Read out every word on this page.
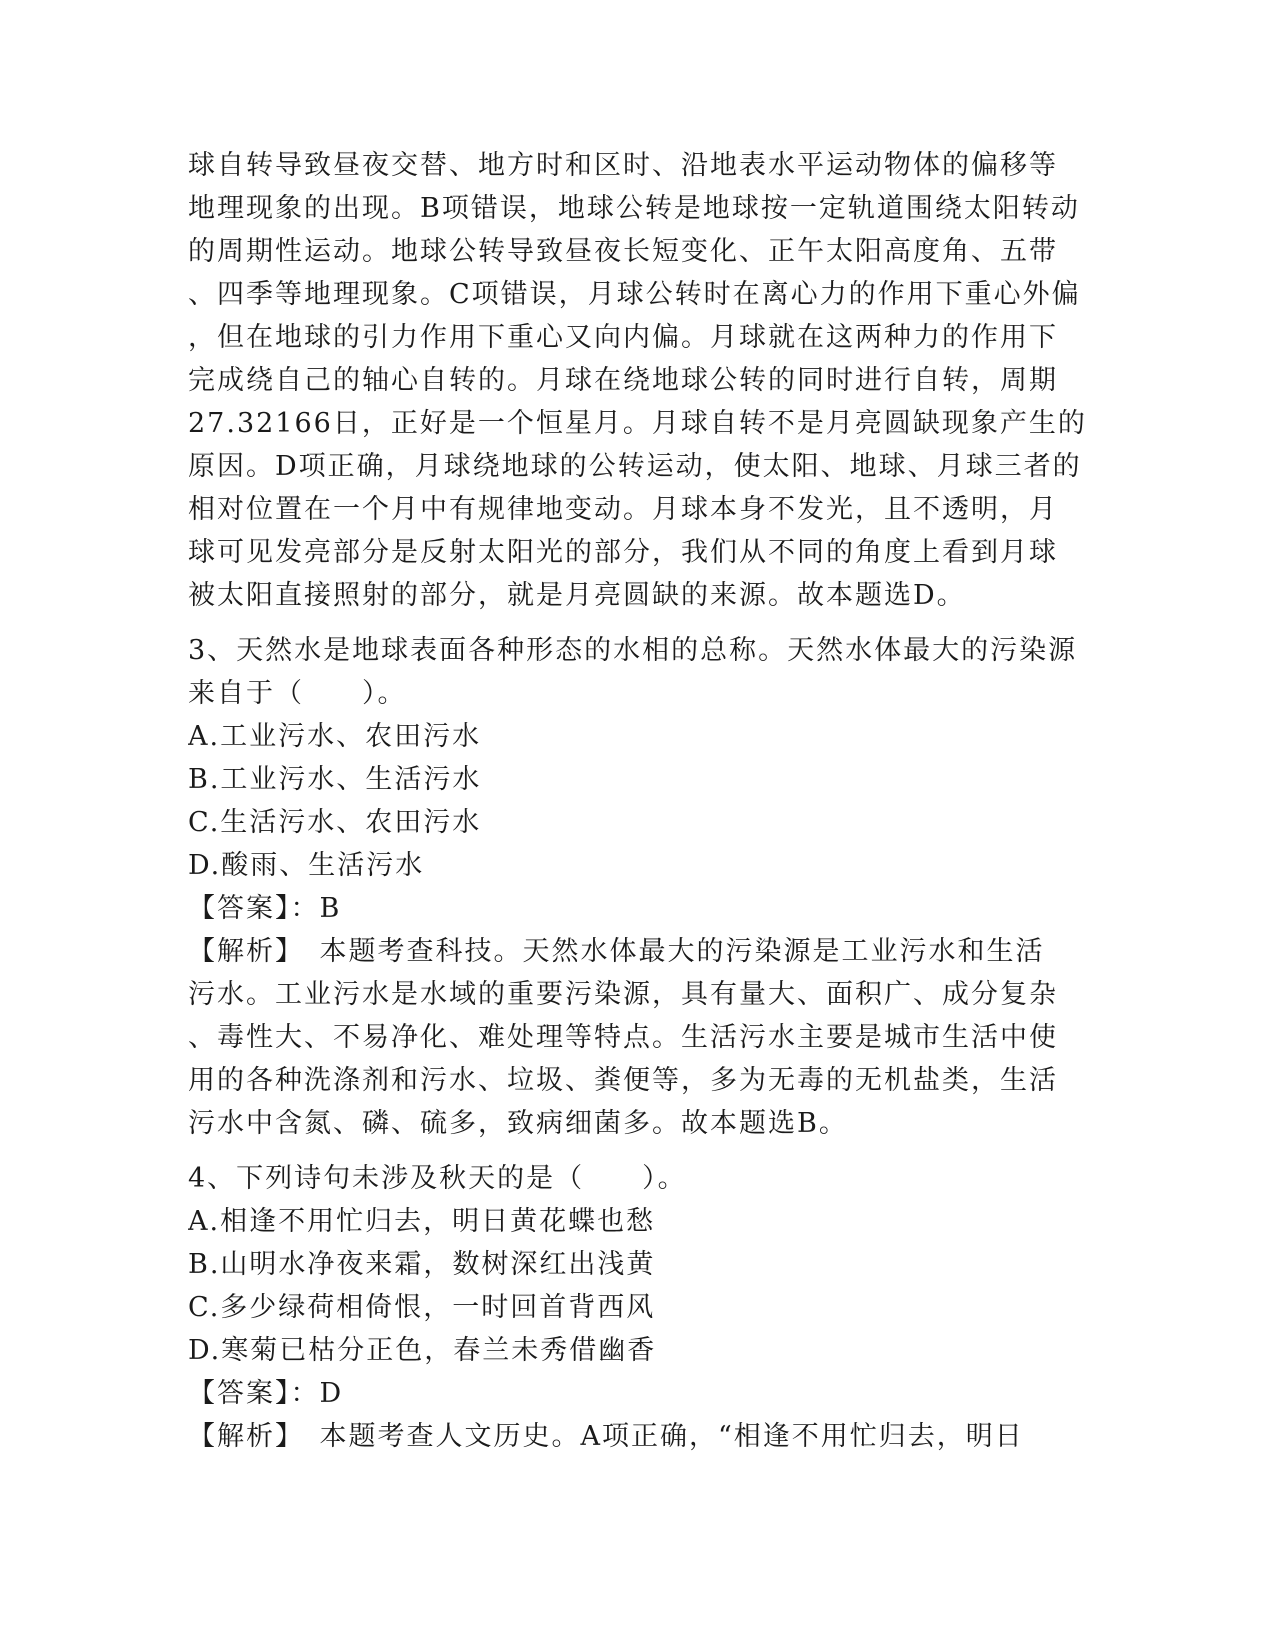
球自转导致昼夜交替、地方时和区时、沿地表水平运动物体的偏移等
地理现象的出现。B项错误，地球公转是地球按一定轨道围绕太阳转动
的周期性运动。地球公转导致昼夜长短变化、正午太阳高度角、五带
、四季等地理现象。C项错误，月球公转时在离心力的作用下重心外偏
，但在地球的引力作用下重心又向内偏。月球就在这两种力的作用下
完成绕自己的轴心自转的。月球在绕地球公转的同时进行自转，周期
27.32166日，正好是一个恒星月。月球自转不是月亮圆缺现象产生的
原因。D项正确，月球绕地球的公转运动，使太阳、地球、月球三者的
相对位置在一个月中有规律地变动。月球本身不发光，且不透明，月
球可见发亮部分是反射太阳光的部分，我们从不同的角度上看到月球
被太阳直接照射的部分，就是月亮圆缺的来源。故本题选D。
3、天然水是地球表面各种形态的水相的总称。天然水体最大的污染源
来自于（　　）。
A.工业污水、农田污水
B.工业污水、生活污水
C.生活污水、农田污水
D.酸雨、生活污水
【答案】：B
【解析】　本题考查科技。天然水体最大的污染源是工业污水和生活
污水。工业污水是水域的重要污染源，具有量大、面积广、成分复杂
、毒性大、不易净化、难处理等特点。生活污水主要是城市生活中使
用的各种洗涤剂和污水、垃圾、粪便等，多为无毒的无机盐类，生活
污水中含氮、磷、硫多，致病细菌多。故本题选B。
4、下列诗句未涉及秋天的是（　　）。
A.相逢不用忙归去，明日黄花蝶也愁
B.山明水净夜来霜，数树深红出浅黄
C.多少绿荷相倚恨，一时回首背西风
D.寒菊已枯分正色，春兰未秀借幽香
【答案】：D
【解析】　本题考查人文历史。A项正确，“相逢不用忙归去，明日
